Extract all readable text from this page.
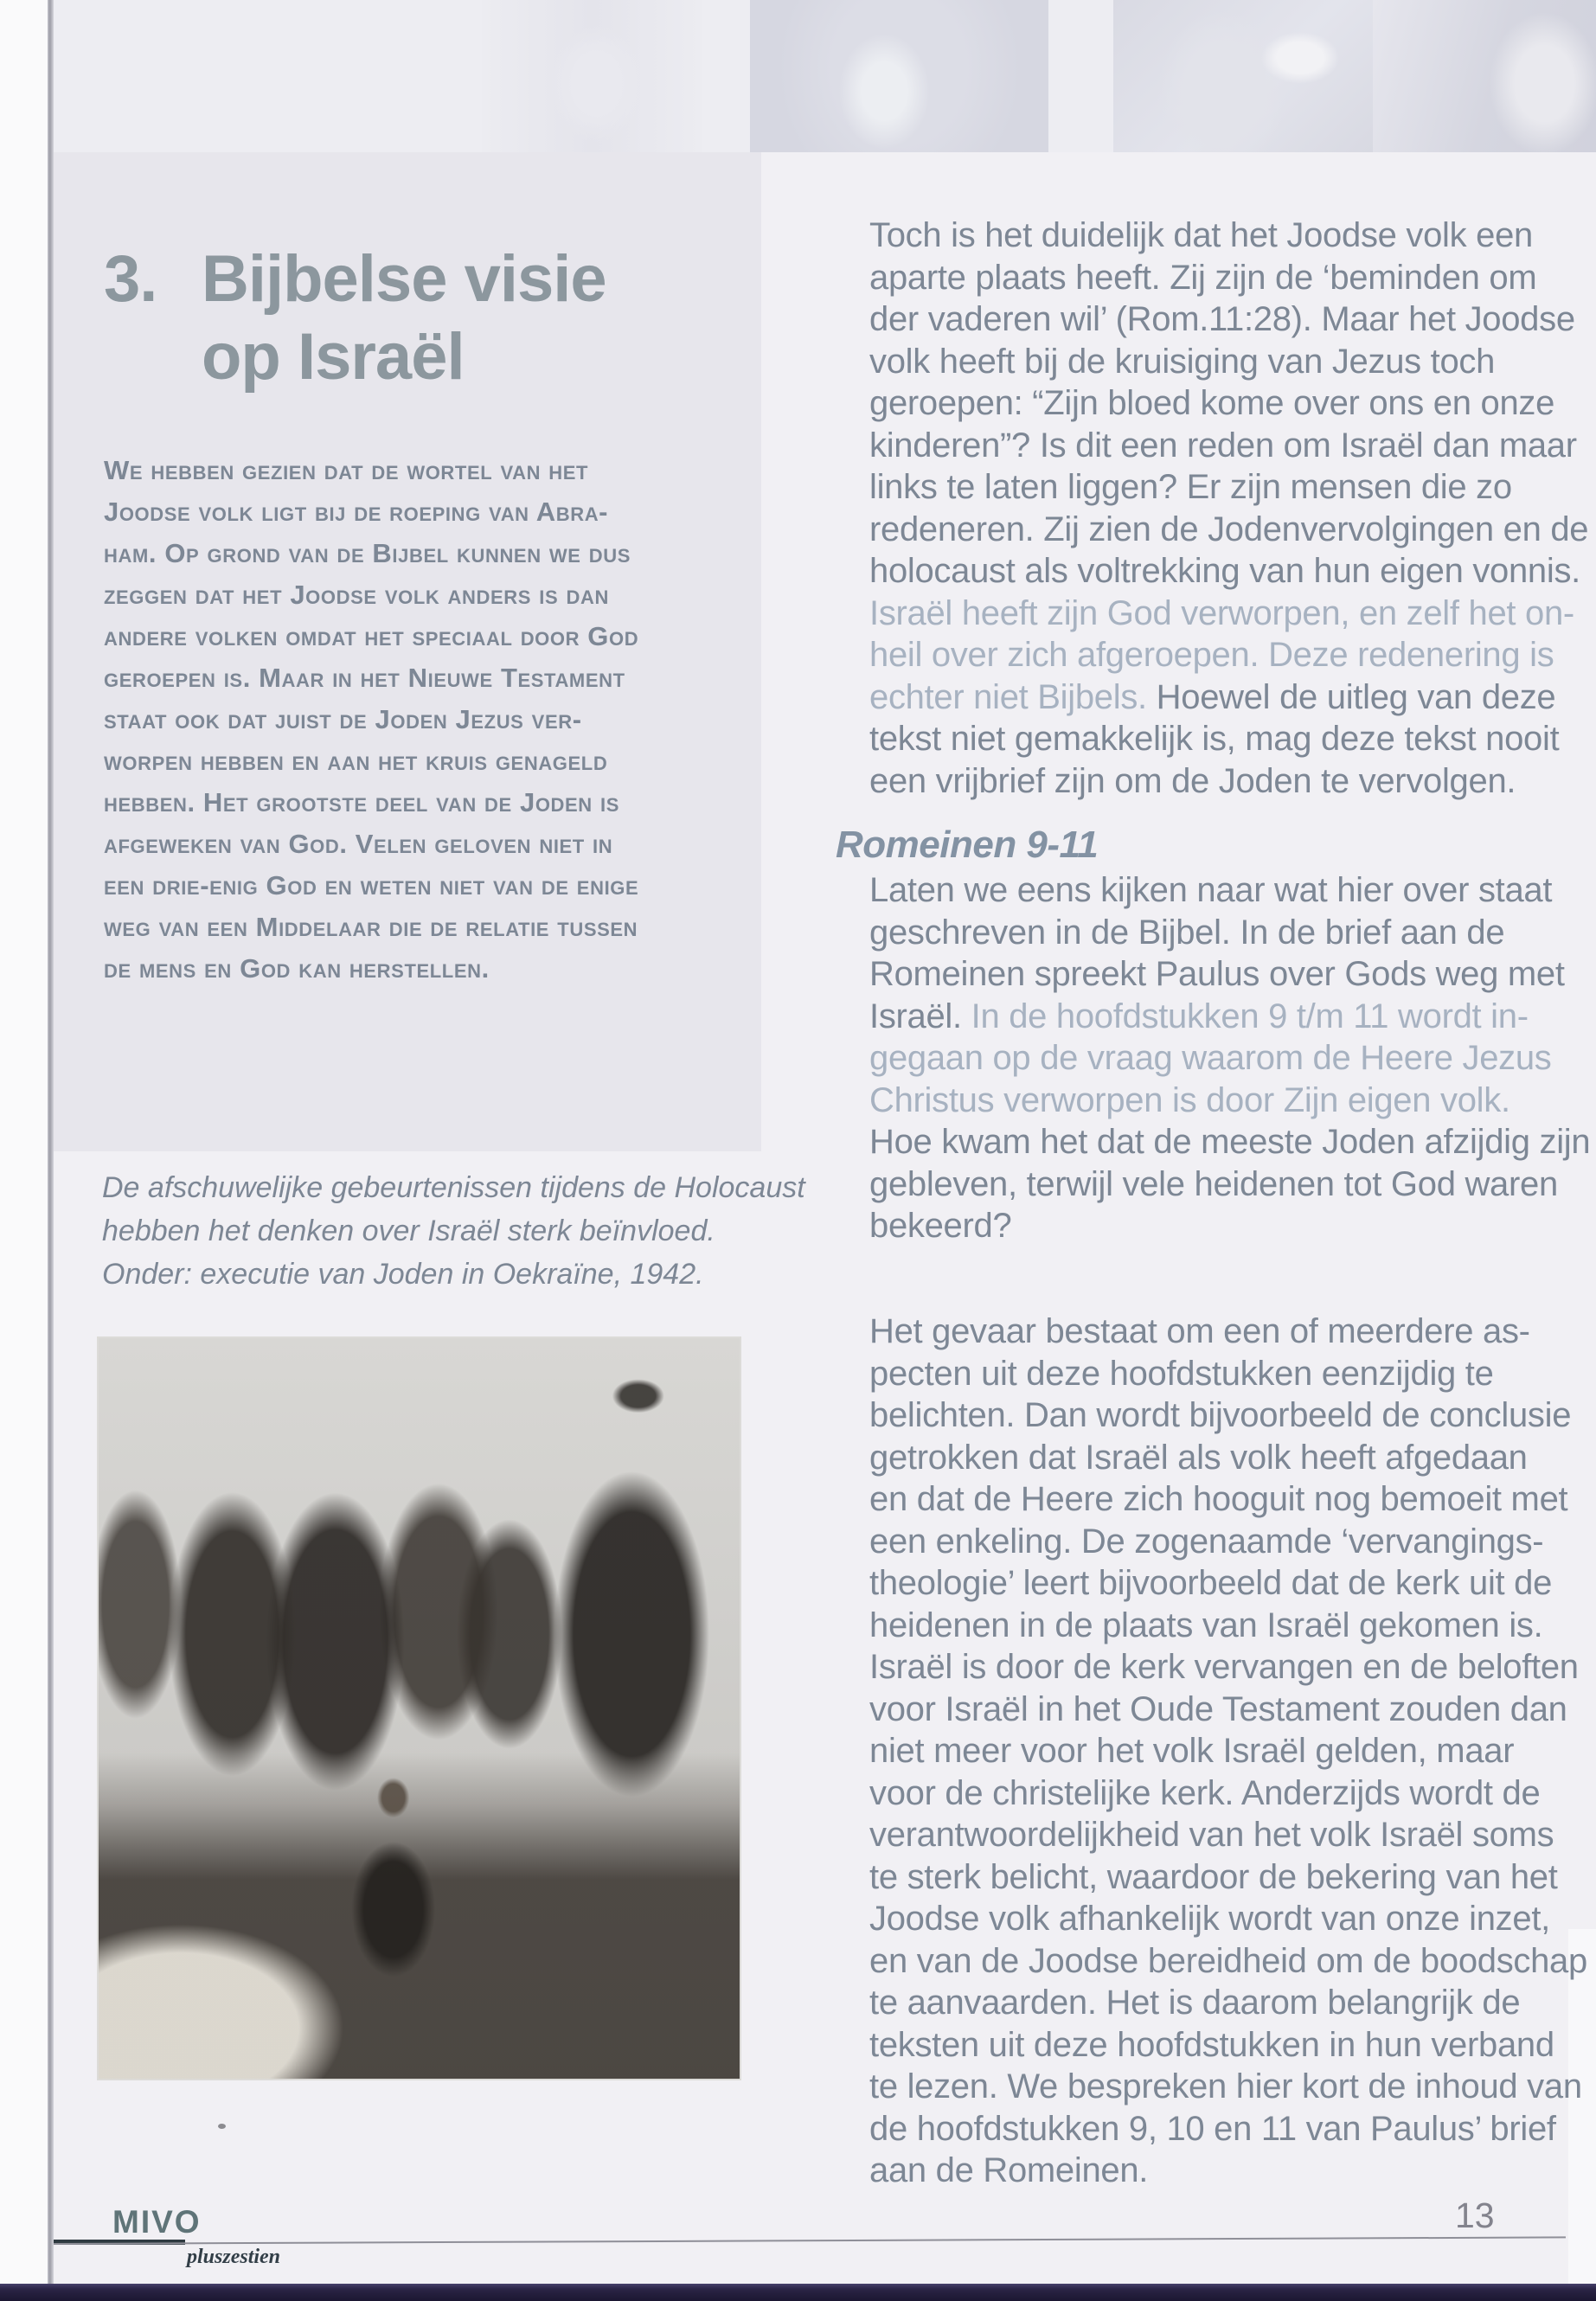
3. Bijbelse visie
op Israël
We hebben gezien dat de wortel van het
Joodse volk ligt bij de roeping van Abra-
ham. Op grond van de Bijbel kunnen we dus
zeggen dat het Joodse volk anders is dan
andere volken omdat het speciaal door God
geroepen is. Maar in het Nieuwe Testament
staat ook dat juist de Joden Jezus ver-
worpen hebben en aan het kruis genageld
hebben. Het grootste deel van de Joden is
afgeweken van God. Velen geloven niet in
een drie-enig God en weten niet van de enige
weg van een Middelaar die de relatie tussen
de mens en God kan herstellen.
De afschuwelijke gebeurtenissen tijdens de Holocaust
hebben het denken over Israël sterk beïnvloed.
Onder: executie van Joden in Oekraïne, 1942.
Toch is het duidelijk dat het Joodse volk een
aparte plaats heeft. Zij zijn de ‘beminden om
der vaderen wil’ (Rom.11:28). Maar het Joodse
volk heeft bij de kruisiging van Jezus toch
geroepen: “Zijn bloed kome over ons en onze
kinderen”? Is dit een reden om Israël dan maar
links te laten liggen? Er zijn mensen die zo
redeneren. Zij zien de Jodenvervolgingen en de
holocaust als voltrekking van hun eigen vonnis.
Israël heeft zijn God verworpen, en zelf het on-
heil over zich afgeroepen. Deze redenering is
echter niet Bijbels. Hoewel de uitleg van deze
tekst niet gemakkelijk is, mag deze tekst nooit
een vrijbrief zijn om de Joden te vervolgen.
Laten we eens kijken naar wat hier over staat
geschreven in de Bijbel. In de brief aan de
Romeinen spreekt Paulus over Gods weg met
Israël. In de hoofdstukken 9 t/m 11 wordt in-
gegaan op de vraag waarom de Heere Jezus
Christus verworpen is door Zijn eigen volk.
Hoe kwam het dat de meeste Joden afzijdig zijn
gebleven, terwijl vele heidenen tot God waren
bekeerd?
Het gevaar bestaat om een of meerdere as-
pecten uit deze hoofdstukken eenzijdig te
belichten. Dan wordt bijvoorbeeld de conclusie
getrokken dat Israël als volk heeft afgedaan
en dat de Heere zich hooguit nog bemoeit met
een enkeling. De zogenaamde ‘vervangings-
theologie’ leert bijvoorbeeld dat de kerk uit de
heidenen in de plaats van Israël gekomen is.
Israël is door de kerk vervangen en de beloften
voor Israël in het Oude Testament zouden dan
niet meer voor het volk Israël gelden, maar
voor de christelijke kerk. Anderzijds wordt de
verantwoordelijkheid van het volk Israël soms
te sterk belicht, waardoor de bekering van het
Joodse volk afhankelijk wordt van onze inzet,
en van de Joodse bereidheid om de boodschap
te aanvaarden. Het is daarom belangrijk de
teksten uit deze hoofdstukken in hun verband
te lezen. We bespreken hier kort de inhoud van
de hoofdstukken 9, 10 en 11 van Paulus’ brief
aan de Romeinen.
Romeinen 9-11
MIVO
pluszestien
13
